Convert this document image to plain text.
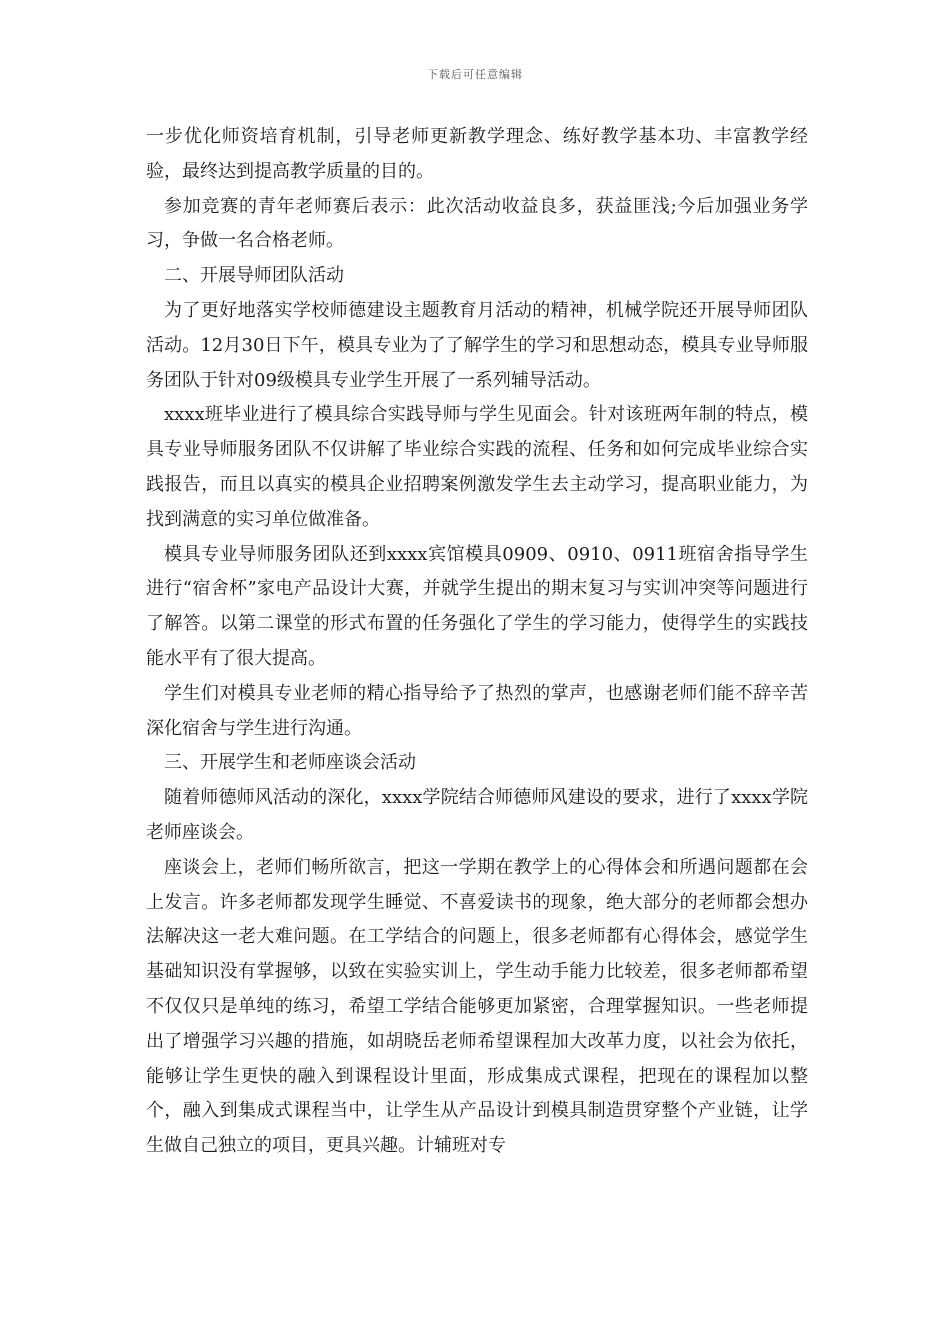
下载后可任意编辑

一步优化师资培育机制，引导老师更新教学理念、练好教学基本功、丰富教学经验，最终达到提高教学质量的目的。

参加竞赛的青年老师赛后表示：此次活动收益良多，获益匪浅;今后加强业务学习，争做一名合格老师。

二、开展导师团队活动

为了更好地落实学校师德建设主题教育月活动的精神，机械学院还开展导师团队活动。12月30日下午，模具专业为了了解学生的学习和思想动态，模具专业导师服务团队于针对09级模具专业学生开展了一系列辅导活动。

xxxx班毕业进行了模具综合实践导师与学生见面会。针对该班两年制的特点，模具专业导师服务团队不仅讲解了毕业综合实践的流程、任务和如何完成毕业综合实践报告，而且以真实的模具企业招聘案例激发学生去主动学习，提高职业能力，为找到满意的实习单位做准备。

模具专业导师服务团队还到xxxx宾馆模具0909、0910、0911班宿舍指导学生进行“宿舍杯”家电产品设计大赛，并就学生提出的期末复习与实训冲突等问题进行了解答。以第二课堂的形式布置的任务强化了学生的学习能力，使得学生的实践技能水平有了很大提高。

学生们对模具专业老师的精心指导给予了热烈的掌声，也感谢老师们能不辞辛苦深化宿舍与学生进行沟通。

三、开展学生和老师座谈会活动

随着师德师风活动的深化，xxxx学院结合师德师风建设的要求，进行了xxxx学院老师座谈会。

座谈会上，老师们畅所欲言，把这一学期在教学上的心得体会和所遇问题都在会上发言。许多老师都发现学生睡觉、不喜爱读书的现象，绝大部分的老师都会想办法解决这一老大难问题。在工学结合的问题上，很多老师都有心得体会，感觉学生基础知识没有掌握够，以致在实验实训上，学生动手能力比较差，很多老师都希望不仅仅只是单纯的练习，希望工学结合能够更加紧密，合理掌握知识。一些老师提出了增强学习兴趣的措施，如胡晓岳老师希望课程加大改革力度，以社会为依托，能够让学生更快的融入到课程设计里面，形成集成式课程，把现在的课程加以整个，融入到集成式课程当中，让学生从产品设计到模具制造贯穿整个产业链，让学生做自己独立的项目，更具兴趣。计辅班对专
